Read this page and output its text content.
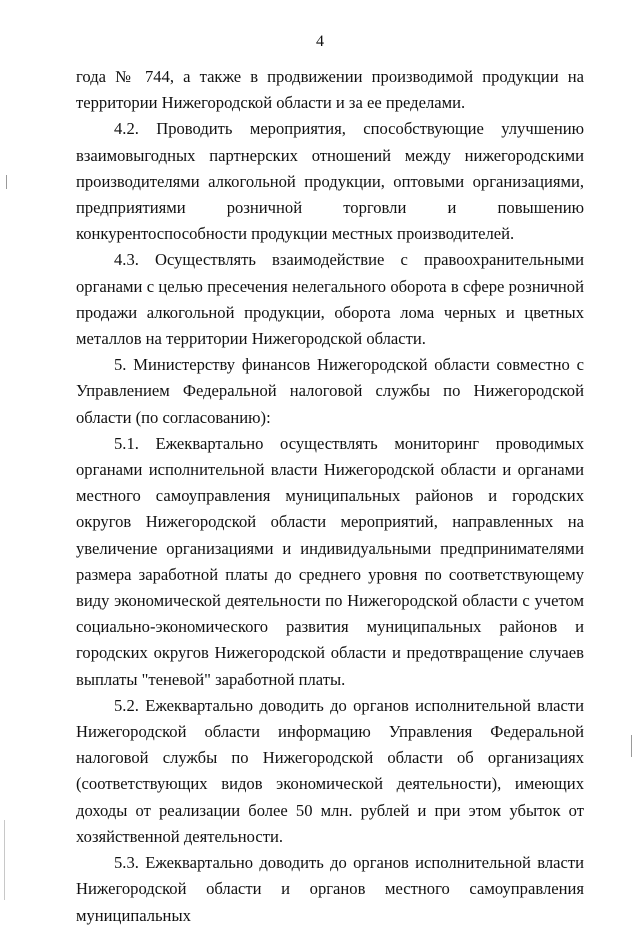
4

года № 744, а также в продвижении производимой продукции на территории Нижегородской области и за ее пределами.

4.2. Проводить мероприятия, способствующие улучшению взаимовыгодных партнерских отношений между нижегородскими производителями алкогольной продукции, оптовыми организациями, предприятиями розничной торговли и повышению конкурентоспособности продукции местных производителей.

4.3. Осуществлять взаимодействие с правоохранительными органами с целью пресечения нелегального оборота в сфере розничной продажи алкогольной продукции, оборота лома черных и цветных металлов на территории Нижегородской области.

5. Министерству финансов Нижегородской области совместно с Управлением Федеральной налоговой службы по Нижегородской области (по согласованию):

5.1. Ежеквартально осуществлять мониторинг проводимых органами исполнительной власти Нижегородской области и органами местного самоуправления муниципальных районов и городских округов Нижегородской области мероприятий, направленных на увеличение организациями и индивидуальными предпринимателями размера заработной платы до среднего уровня по соответствующему виду экономической деятельности по Нижегородской области с учетом социально-экономического развития муниципальных районов и городских округов Нижегородской области и предотвращение случаев выплаты "теневой" заработной платы.

5.2. Ежеквартально доводить до органов исполнительной власти Нижегородской области информацию Управления Федеральной налоговой службы по Нижегородской области об организациях (соответствующих видов экономической деятельности), имеющих доходы от реализации более 50 млн. рублей и при этом убыток от хозяйственной деятельности.

5.3. Ежеквартально доводить до органов исполнительной власти Нижегородской области и органов местного самоуправления муниципальных
